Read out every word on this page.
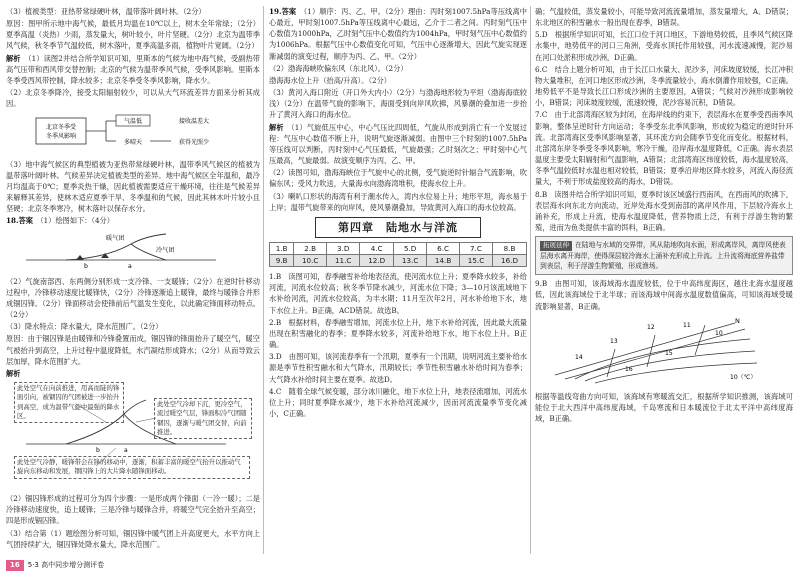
（3）植被类型：亚热带常绿硬叶林，温带落叶阔叶林。（2分）
原因：图甲所示地中海气候，最低月均温在10℃以上，树木全年常绿；（2分）夏季高温（炎热）少雨，蒸发量大，树叶较小，叶片坚硬。（2分）北京为温带季风气候，秋冬季节气温较低，树木落叶，夏季高温多雨，植物叶片宽阔。（2分）
解析　 （1）读图2并结合所学知识可知，里斯本的气候为地中海气候，受副热带高气压带和西风带交替控制；北京的气候为温带季风气候，受季风影响。里斯本冬季受西风带控制，降水较多；北京冬季受冬季风影响，降水少。
（2）北京冬季降冷，接受太阳辐射较少，可以从大气环流差异方面来分析其成因。
北京冬季受
冬季风影响
气温低
多晴天	获得光照少
接收温差大
（3）地中海气候区的典型植被为亚热带常绿硬叶林，温带季风气候区的植被为温带落叶阔叶林。气候差异决定植被类型的差异。地中海气候区全年温和，最冷月均温高于0℃；夏季炎热干燥，因此植被需要适应干燥环境，往往是气候差异来解释其差异，使林木适应夏季干旱、冬季温和的气候，因此其林木叶片较小且坚硬；北京冬季寒冷，树木落叶以保存水分。
18.答案　 （1）绘图如下：（4分）
暖气团
冷气团
a
b
（2）气旋南部西、东两侧分别形成一支冷锋、一支暖锋；（2分）在逆时针移动过程中，冷锋移动速度比暖锋快，（2分）冷锋逐渐追上暖锋，最终与暖锋合并形成锢囚锋。（2分）锋面移动会使锋前后气温发生变化，以此确定锋面移动特点。（2分）
（3）降水特点：降水量大，降水范围广。（2分）
原因：由于锢囚锋是由暖锋和冷锋叠置而成，锢囚锋的锋面抬升了暖空气，暖空气被抬升到高空，上升过程中温度降低，水汽凝结形成降水；（2分）从而导致云层加厚，降水范围扩大。
解析
a
b
此处空气在向前推进，用高而陡的锋面引向，被锢囚的气团被进一步抬升到高空，成为温带气旋中最强的降水区。
此处空气冷却下沉，更冷空气，流过暖空气层，锋面积冷气团随锢囚，逐渐与暖气团交替，向前推进。
此处空气冷静，暖锋带会在锋的移动中，逐渐，积蓄丰富的暖空气抬升以推动气旋向东移动和发展，锢囚锋上的大片降水随锋面移动。
（2）锢囚锋形成的过程可分为四个步骤：一是形成两个锋面（一冷一暖）；二是冷锋移动速度快，追上暖锋；三是冷锋与暖锋合并，将暖空气完全抬升至高空；四是形成锢囚锋。
（3）结合第（1）题绘图分析可知，锢囚锋中暖气团上升高度更大，水平方向上气团持续扩大，锢囚锋处降水量大，降水范围广。
19.答案　 （1）顺序：丙、乙、甲。（2分）理由：丙时刻1007.5hPa等压线离中心最近，甲时刻1007.5hPa等压线离中心最远，乙介于二者之间。丙时刻气压中心数值为1000hPa，乙时刻气压中心数值约为1004hPa，甲时刻气压中心数值约为1006hPa。根据气压中心数值变化可知，气压中心逐渐增大，因此气旋实现逐渐减弱的演变过程，顺序为丙、乙、甲。（2分）
（2）渤海海峡吹偏东风（东北风）。（2分）
渤海海水位上升（抬高/升高）。（2分）
（3）黄河入海口附近（开口外大内小）（2分）与渤海地形较为平坦（渤海海底较浅）（2分）在温带气旋的影响下，海面受到向岸风吹拂，风暴潮的叠加进一步抬升了黄河入海口的海水位。
解析　 （1）气旋低压中心，中心气压比四周低，气旋从形成到消亡有一个发展过程：气压中心数值不断上升，说明气旋逐渐减弱。由图中三个时刻的1007.5hPa等压线可以判断，丙时刻中心气压最低，气旋最强；乙时刻次之；甲时刻中心气压最高，气旋最弱。故演变顺序为丙、乙、甲。
（2）读图可知，渤海海峡位于气旋中心的北侧，受气旋逆时针辐合气流影响，吹偏东风；受风力吹送，大量海水向渤海湾堆积，使海水位上升。
（3）喇叭口形状的海湾有利于潮水传入，湾内水位易上升；地形平坦，海水易于上岸；温带气旋带来的向岸风，使风暴潮叠加，导致黄河入海口的海水位较高。
第四章　陆地水与洋流
1.B	2.B	3.D	4.C	5.D	6.C	7.C	8.B
9.B	10.C	11.C	12.D	13.C	14.B	15.C	16.D
1.B　读图可知，春季融雪补给地表径流，使河流水位上升；夏季降水较多，补给河流，河流水位较高；秋冬季节降水减少，河流水位下降；3—10月该流域地下水补给河流，河流水位较高，为丰水期；11月至次年2月，河水补给地下水，地下水位上升。B正确，ACD错误。故选B。
2.B　根据材料，春季融雪增加，河流水位上升，地下水补给河流，因此最大流量出现在积雪融化的春季；夏季降水较多，河流补给地下水，地下水位上升。B正确。
3.D　由图可知，该河流春季有一个汛期，夏季有一个汛期，说明河流主要补给水源是季节性积雪融水和大气降水，汛期较长；季节性积雪融水补给时间为春季；大气降水补给时间主要在夏季。故选D。
4.C　随着全球气候变暖，部分冰川融化，地下水位上升，地表径流增加，河流水位上升；同时夏季降水减少，地下水补给河流减少，因而河流流量季节变化减小，C正确。
确；气温较低，蒸发量较小，可能导致河流流量增加，蒸发量增大，A、D错误；东北地区的积雪融水一般出现在春季，B错误。
5.D　根据所学知识可知，长江口位于河口地区，下游地势较低，且季风气候区降水集中，地势低平的河口三角洲，受海水顶托作用较强，河水流速减慢，泥沙易在河口处淤积形成沙洲，D正确。
6.C　结合上题分析可知，由于长江口水量大、泥沙多，河床坡度较缓，长江冲积物大量堆积，在河口地区形成沙洲，冬季流量较小，海水倒灌作用较强，C正确。地势低平不是导致长江口形成沙洲的主要原因，A错误；气候对沙洲形成影响较小，B错误；河床坡度较缓，流速较慢，泥沙容易沉积，D错误。
7.C　由于北部湾海区较为封闭，在海岸线的约束下，表层海水在夏季受西南季风影响，整体呈逆时针方向运动；冬季受东北季风影响，形成较为稳定的逆时针环流。北部湾海区受季风影响显著，其环流方向会随季节变化而变化。根据材料，北部湾东岸冬季受冬季风影响，寒冷干燥，沿岸海水温度降低，C正确。海水表层温度主要受太阳辐射和气温影响，A错误；北部湾海区纬度较低，海水温度较高，冬季气温较低时水温也相对较低，B错误；夏季沿岸地区降水较多，河流入海径流量大，不利于形成盐度较高的海水，D错误。
8.B　读图并结合所学知识可知，夏季时该区域盛行西南风，在西南风的吹拂下，表层海水向东北方向流动，近岸处海水受到南部的离岸风作用，下层较冷海水上涌补充，形成上升流，使海水温度降低，营养物质上泛，有利于浮游生物的繁殖，进而为鱼类提供丰富的饵料，B正确。
拓展延伸 在陆地与水域的交界带，风从陆地吹向水面，形成离岸风，离岸风使表层海水离开海岸，使得深层较冷海水上涌补充形成上升流。上升流将海底营养盐带到表层，利于浮游生物繁殖，形成渔场。
9.B　由图可知，该海域海水温度较低，位于中高纬度海区，越往北海水温度越低，因此该海域位于北半球；而该海域中间海水温度数值偏高，可知该海域受暖流影响显著，B正确。
14
13
12	11
10
15
16
N
10（℃）
根据等温线弯曲方向可知，该海域有寒暖流交汇，根据所学知识推测，该海域可能位于北大西洋中高纬度海域，千岛寒流和日本暖流位于北太平洋中高纬度海域，B正确。
16 5·3 高中同步增分测评卷
